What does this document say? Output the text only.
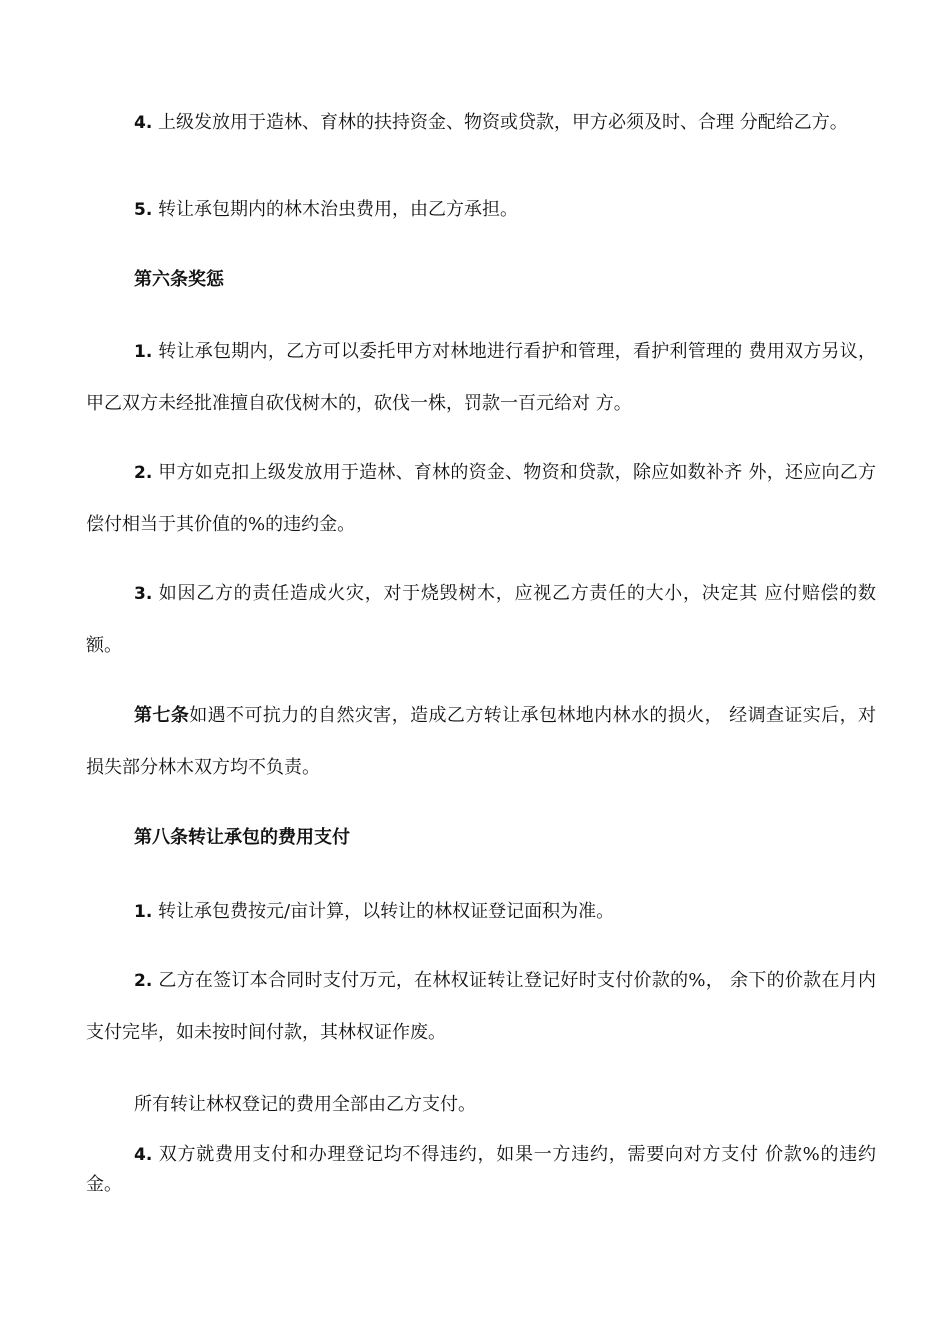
4. 上级发放用于造林、育林的扶持资金、物资或贷款，甲方必须及时、合理 分配给乙方。

5. 转让承包期内的林木治虫费用，由乙方承担。

第六条奖惩

1. 转让承包期内，乙方可以委托甲方对林地进行看护和管理，看护利管理的 费用双方另议，甲乙双方未经批准擅自砍伐树木的，砍伐一株，罚款一百元给对 方。

2. 甲方如克扣上级发放用于造林、育林的资金、物资和贷款，除应如数补齐 外，还应向乙方偿付相当于其价值的%的违约金。

3. 如因乙方的责任造成火灾，对于烧毁树木，应视乙方责任的大小，决定其 应付赔偿的数额。

第七条如遇不可抗力的自然灾害，造成乙方转让承包林地内林水的损火， 经调查证实后，对损失部分林木双方均不负责。

第八条转让承包的费用支付

1. 转让承包费按元/亩计算，以转让的林权证登记面积为准。

2. 乙方在签订本合同时支付万元，在林权证转让登记好时支付价款的%， 余下的价款在月内支付完毕，如未按时间付款，其林权证作废。

所有转让林权登记的费用全部由乙方支付。

4. 双方就费用支付和办理登记均不得违约，如果一方违约，需要向对方支付 价款%的违约金。
